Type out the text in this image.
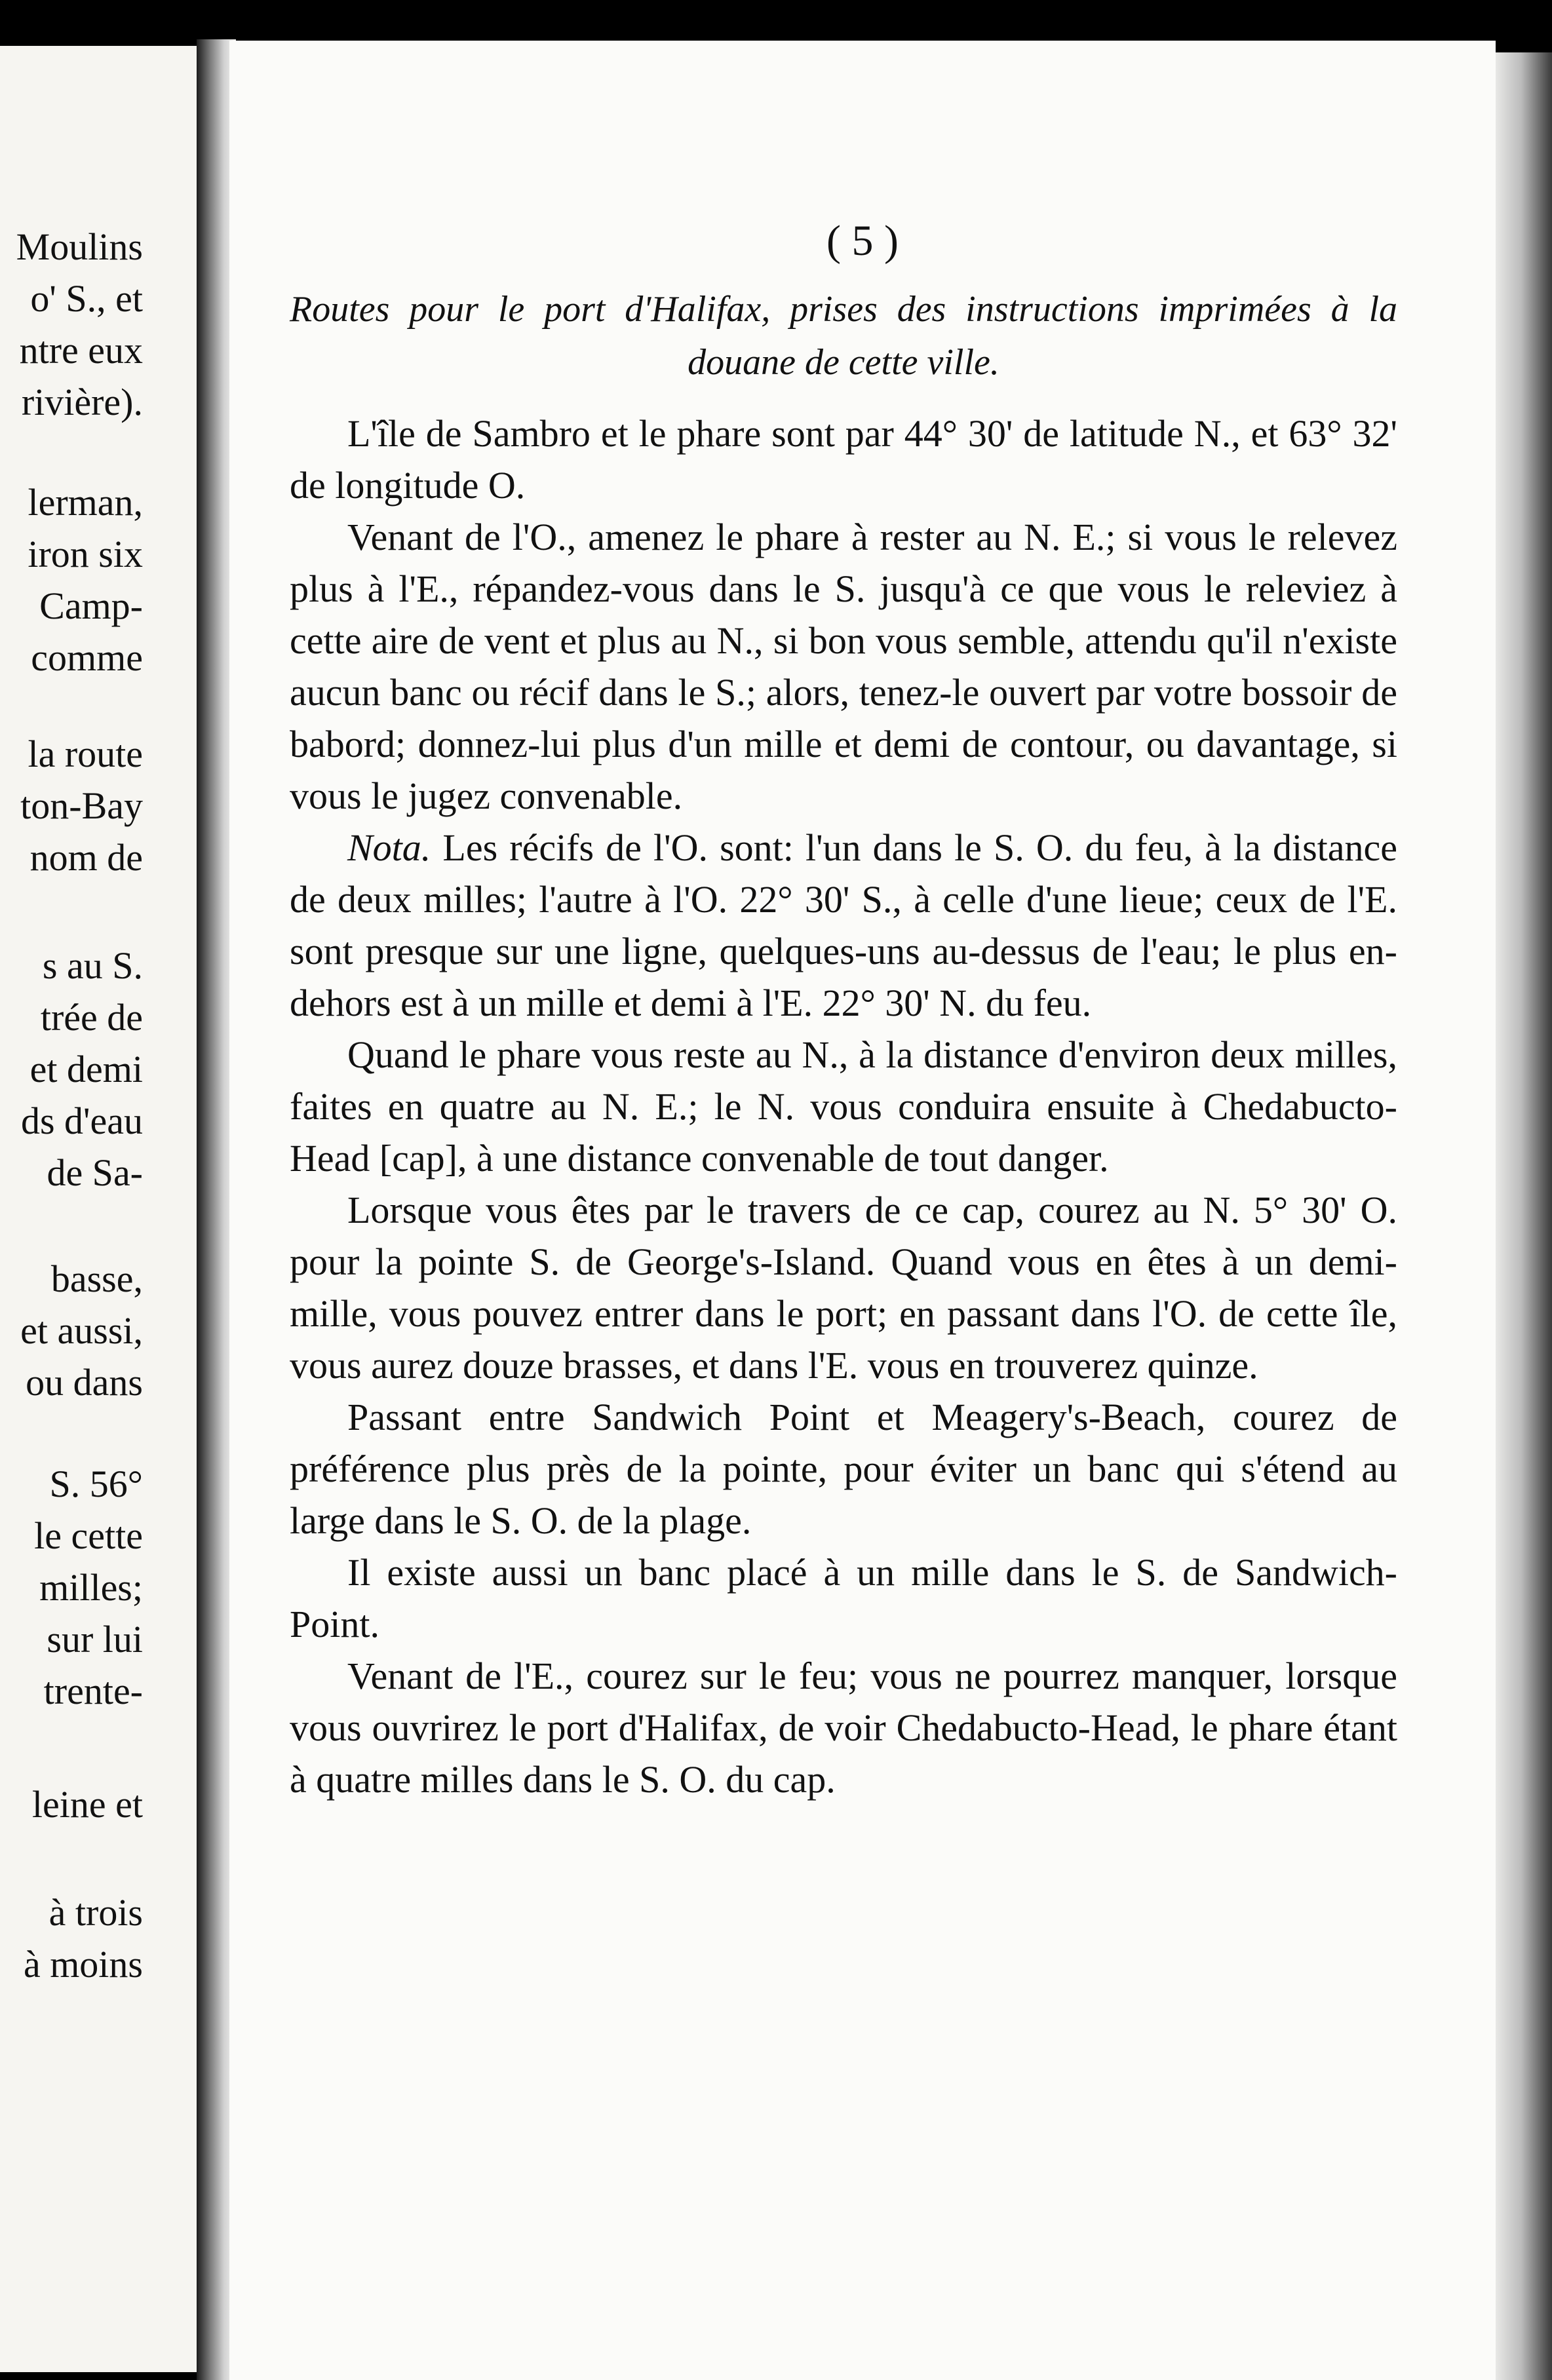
Moulins
o' S., et
ntre eux
rivière).
lerman,
iron six
Camp-
comme
la route
ton-Bay
nom de
s au S.
trée de
et demi
ds d'eau
de Sa-
basse,
et aussi,
ou dans
S. 56°
le cette
milles;
sur lui
trente-
leine et
à trois
à moins
( 5 )

Routes pour le port d'Halifax, prises des instructions imprimées à la douane de cette ville.

L'île de Sambro et le phare sont par 44° 30' de latitude N., et 63° 32' de longitude O.

Venant de l'O., amenez le phare à rester au N. E.; si vous le relevez plus à l'E., répandez-vous dans le S. jusqu'à ce que vous le releviez à cette aire de vent et plus au N., si bon vous semble, attendu qu'il n'existe aucun banc ou récif dans le S.; alors, tenez-le ouvert par votre bossoir de babord; donnez-lui plus d'un mille et demi de contour, ou davantage, si vous le jugez convenable.

Nota. Les récifs de l'O. sont: l'un dans le S. O. du feu, à la distance de deux milles; l'autre à l'O. 22° 30' S., à celle d'une lieue; ceux de l'E. sont presque sur une ligne, quelques-uns au-dessus de l'eau; le plus en-dehors est à un mille et demi à l'E. 22° 30' N. du feu.

Quand le phare vous reste au N., à la distance d'environ deux milles, faites en quatre au N. E.; le N. vous conduira ensuite à Chedabucto-Head [cap], à une distance convenable de tout danger.

Lorsque vous êtes par le travers de ce cap, courez au N. 5° 30' O. pour la pointe S. de George's-Island. Quand vous en êtes à un demi-mille, vous pouvez entrer dans le port; en passant dans l'O. de cette île, vous aurez douze brasses, et dans l'E. vous en trouverez quinze.

Passant entre Sandwich Point et Meagery's-Beach, courez de préférence plus près de la pointe, pour éviter un banc qui s'étend au large dans le S. O. de la plage.

Il existe aussi un banc placé à un mille dans le S. de Sandwich-Point.

Venant de l'E., courez sur le feu; vous ne pourrez manquer, lorsque vous ouvrirez le port d'Halifax, de voir Chedabucto-Head, le phare étant à quatre milles dans le S. O. du cap.
